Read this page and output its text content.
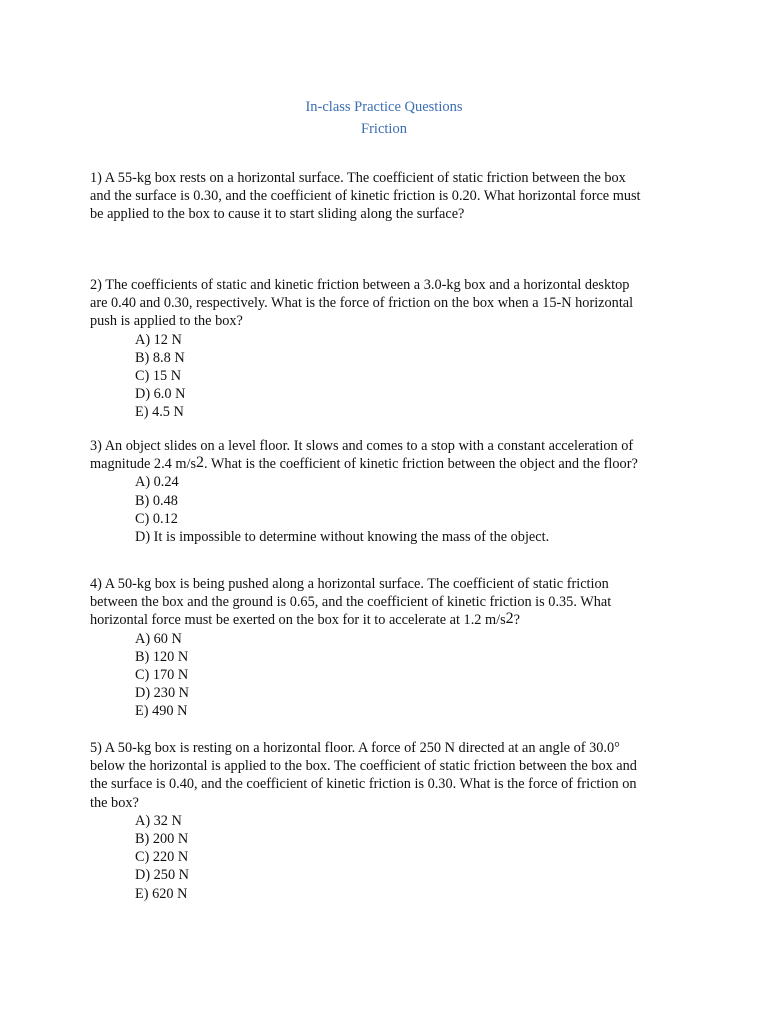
In-class Practice Questions
Friction

1) A 55-kg box rests on a horizontal surface. The coefficient of static friction between the box
and the surface is 0.30, and the coefficient of kinetic friction is 0.20. What horizontal force must
be applied to the box to cause it to start sliding along the surface?

2) The coefficients of static and kinetic friction between a 3.0-kg box and a horizontal desktop
are 0.40 and 0.30, respectively. What is the force of friction on the box when a 15-N horizontal
push is applied to the box?

A) 12 N
B) 8.8 N
C) 15 N
D) 6.0 N
E) 4.5 N

3) An object slides on a level floor. It slows and comes to a stop with a constant acceleration of
magnitude 2.4 m/s2. What is the coefficient of kinetic friction between the object and the floor?

A) 0.24
B) 0.48
C) 0.12
D) It is impossible to determine without knowing the mass of the object.

4) A 50-kg box is being pushed along a horizontal surface. The coefficient of static friction
between the box and the ground is 0.65, and the coefficient of kinetic friction is 0.35. What
horizontal force must be exerted on the box for it to accelerate at 1.2 m/s2?

A) 60 N
B) 120 N
C) 170 N
D) 230 N
E) 490 N

5) A 50-kg box is resting on a horizontal floor. A force of 250 N directed at an angle of 30.0°
below the horizontal is applied to the box. The coefficient of static friction between the box and
the surface is 0.40, and the coefficient of kinetic friction is 0.30. What is the force of friction on
the box?

A) 32 N
B) 200 N
C) 220 N
D) 250 N
E) 620 N
